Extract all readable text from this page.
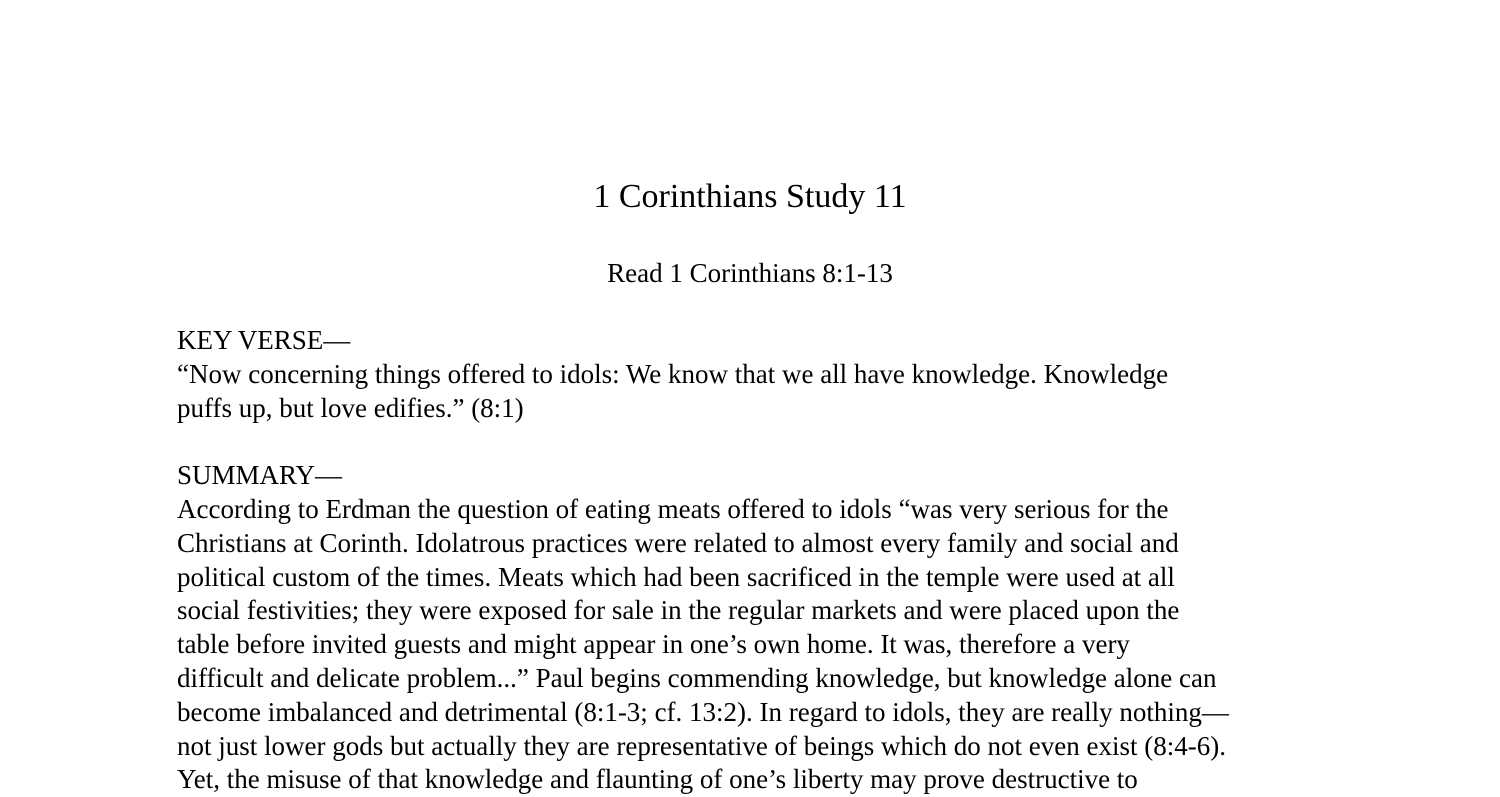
1 Corinthians Study 11
Read 1 Corinthians 8:1-13
KEY VERSE—
“Now concerning things offered to idols: We know that we all have knowledge. Knowledge
puffs up, but love edifies.” (8:1)
SUMMARY—
According to Erdman the question of eating meats offered to idols “was very serious for the
Christians at Corinth. Idolatrous practices were related to almost every family and social and
political custom of the times. Meats which had been sacrificed in the temple were used at all
social festivities; they were exposed for sale in the regular markets and were placed upon the
table before invited guests and might appear in one’s own home. It was, therefore a very
difficult and delicate problem...” Paul begins commending knowledge, but knowledge alone can
become imbalanced and detrimental (8:1-3; cf. 13:2). In regard to idols, they are really nothing—
not just lower gods but actually they are representative of beings which do not even exist (8:4-6).
Yet, the misuse of that knowledge and flaunting of one’s liberty may prove destructive to
